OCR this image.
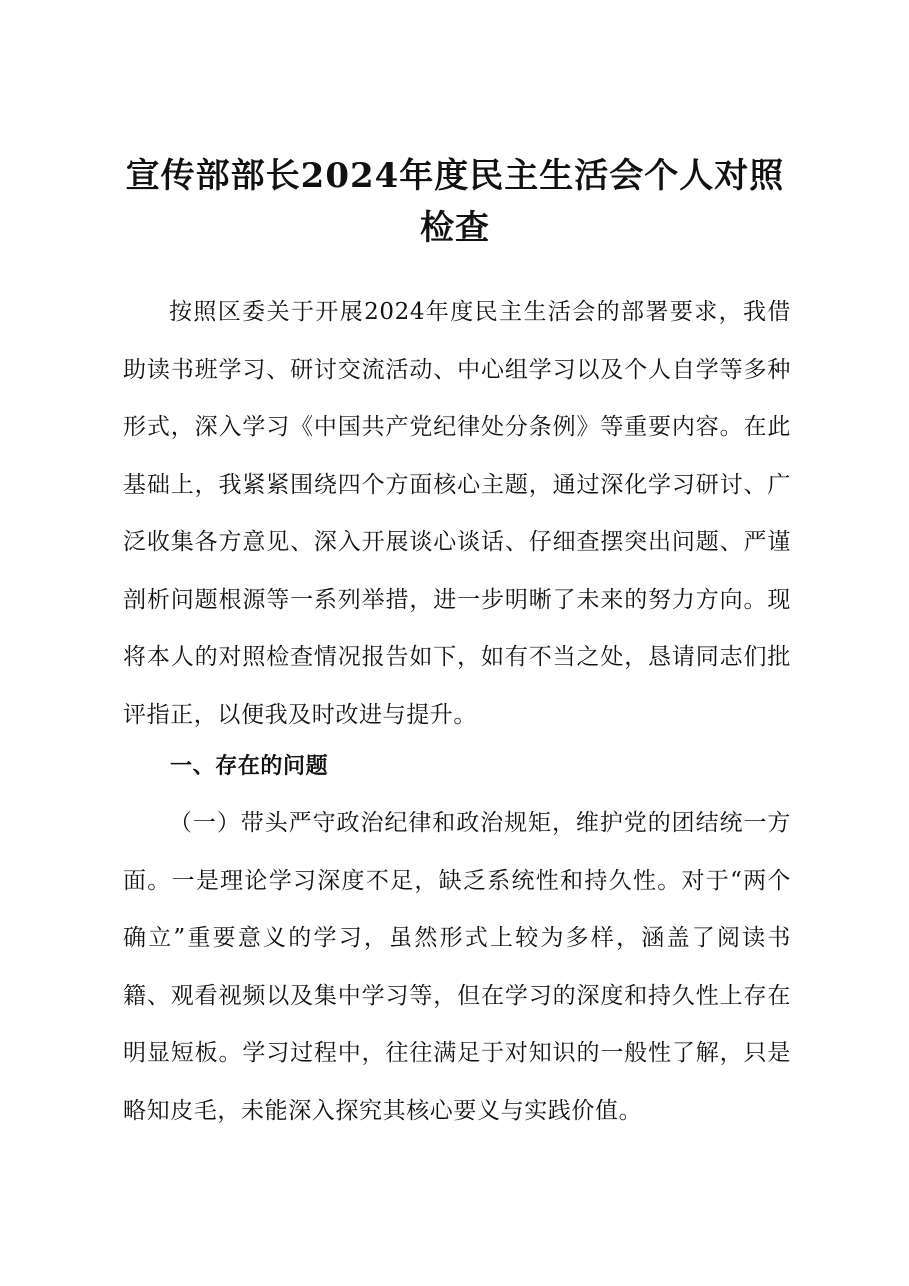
宣传部部长2024年度民主生活会个人对照检查
按照区委关于开展2024年度民主生活会的部署要求，我借助读书班学习、研讨交流活动、中心组学习以及个人自学等多种形式，深入学习《中国共产党纪律处分条例》等重要内容。在此基础上，我紧紧围绕四个方面核心主题，通过深化学习研讨、广泛收集各方意见、深入开展谈心谈话、仔细查摆突出问题、严谨剖析问题根源等一系列举措，进一步明晰了未来的努力方向。现将本人的对照检查情况报告如下，如有不当之处，恳请同志们批评指正，以便我及时改进与提升。
一、存在的问题
（一）带头严守政治纪律和政治规矩，维护党的团结统一方面。一是理论学习深度不足，缺乏系统性和持久性。对于“两个确立”重要意义的学习，虽然形式上较为多样，涵盖了阅读书籍、观看视频以及集中学习等，但在学习的深度和持久性上存在明显短板。学习过程中，往往满足于对知识的一般性了解，只是略知皮毛，未能深入探究其核心要义与实践价值。
